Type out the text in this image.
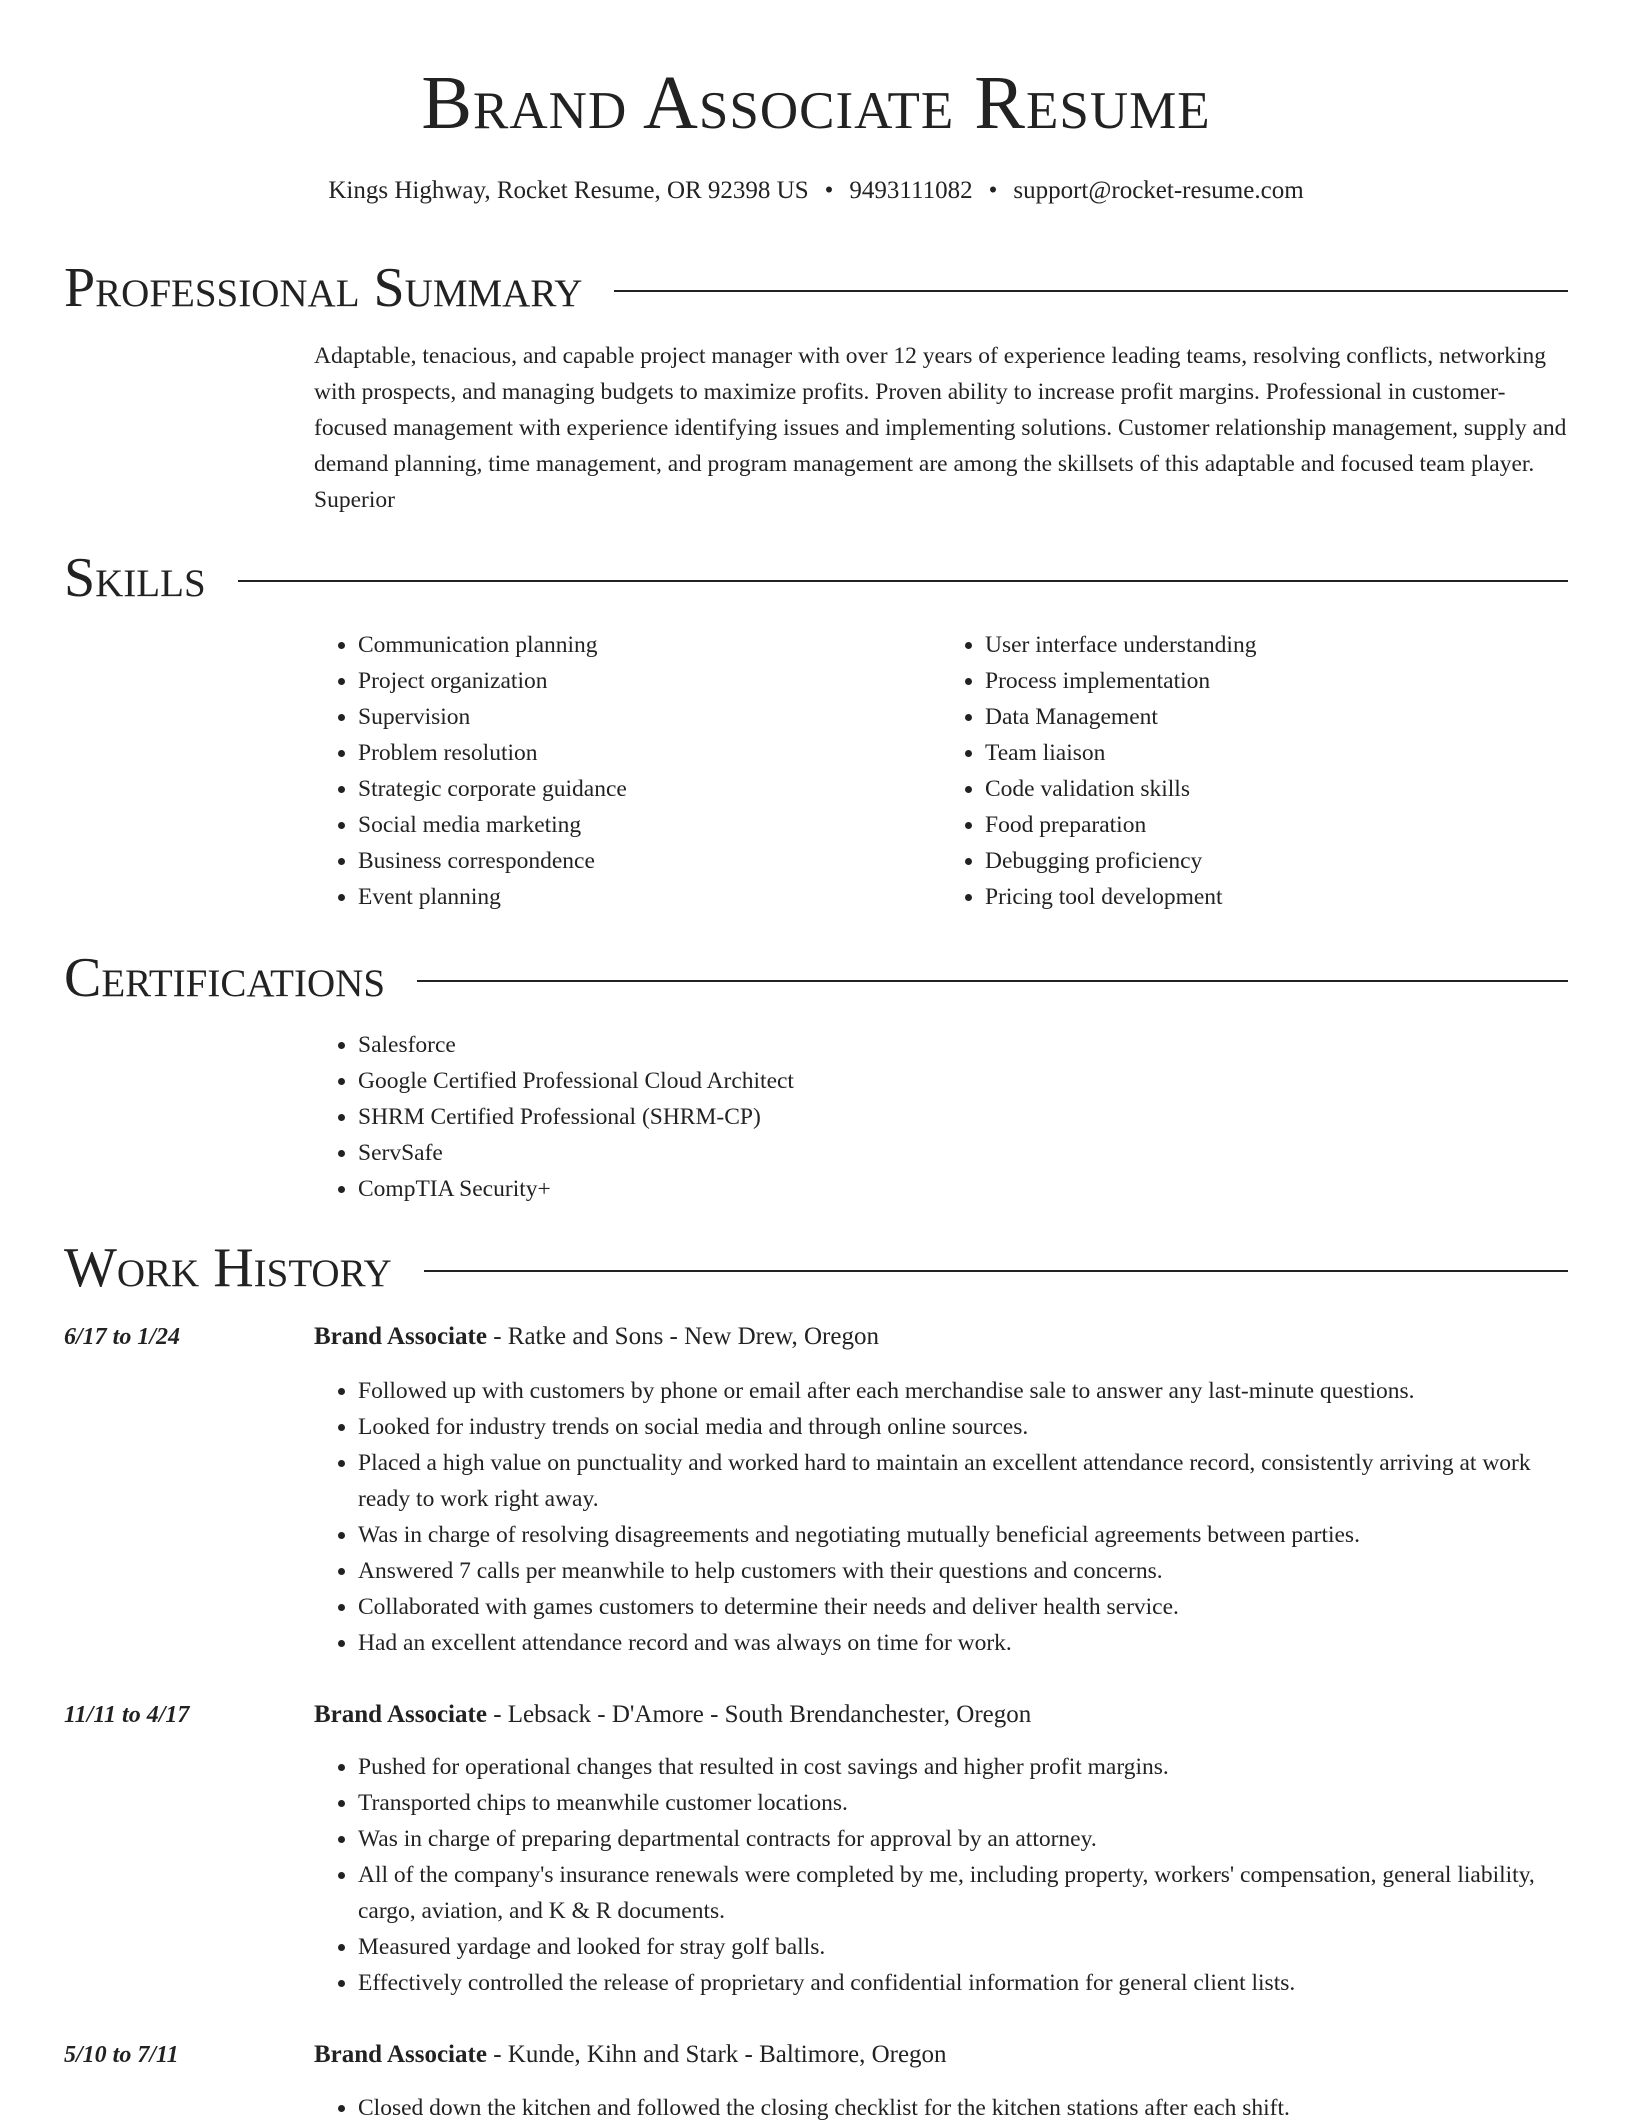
Brand Associate Resume
Kings Highway, Rocket Resume, OR 92398 US • 9493111082 • support@rocket-resume.com
Professional Summary

Adaptable, tenacious, and capable project manager with over 12 years of experience leading teams, resolving conflicts, networking with prospects, and managing budgets to maximize profits. Proven ability to increase profit margins. Professional in customer-focused management with experience identifying issues and implementing solutions. Customer relationship management, supply and demand planning, time management, and program management are among the skillsets of this adaptable and focused team player. Superior

Skills
• Communication planning
• Project organization
• Supervision
• Problem resolution
• Strategic corporate guidance
• Social media marketing
• Business correspondence
• Event planning
• User interface understanding
• Process implementation
• Data Management
• Team liaison
• Code validation skills
• Food preparation
• Debugging proficiency
• Pricing tool development
Certifications
• Salesforce
• Google Certified Professional Cloud Architect
• SHRM Certified Professional (SHRM-CP)
• ServSafe
• CompTIA Security+
Work History
6/17 to 1/24	Brand Associate - Ratke and Sons - New Drew, Oregon
• Followed up with customers by phone or email after each merchandise sale to answer any last-minute questions.
• Looked for industry trends on social media and through online sources.
• Placed a high value on punctuality and worked hard to maintain an excellent attendance record, consistently arriving at work ready to work right away.
• Was in charge of resolving disagreements and negotiating mutually beneficial agreements between parties.
• Answered 7 calls per meanwhile to help customers with their questions and concerns.
• Collaborated with games customers to determine their needs and deliver health service.
• Had an excellent attendance record and was always on time for work.
11/11 to 4/17	Brand Associate - Lebsack - D'Amore - South Brendanchester, Oregon
• Pushed for operational changes that resulted in cost savings and higher profit margins.
• Transported chips to meanwhile customer locations.
• Was in charge of preparing departmental contracts for approval by an attorney.
• All of the company's insurance renewals were completed by me, including property, workers' compensation, general liability, cargo, aviation, and K & R documents.
• Measured yardage and looked for stray golf balls.
• Effectively controlled the release of proprietary and confidential information for general client lists.
5/10 to 7/11	Brand Associate - Kunde, Kihn and Stark - Baltimore, Oregon
• Closed down the kitchen and followed the closing checklist for the kitchen stations after each shift.
